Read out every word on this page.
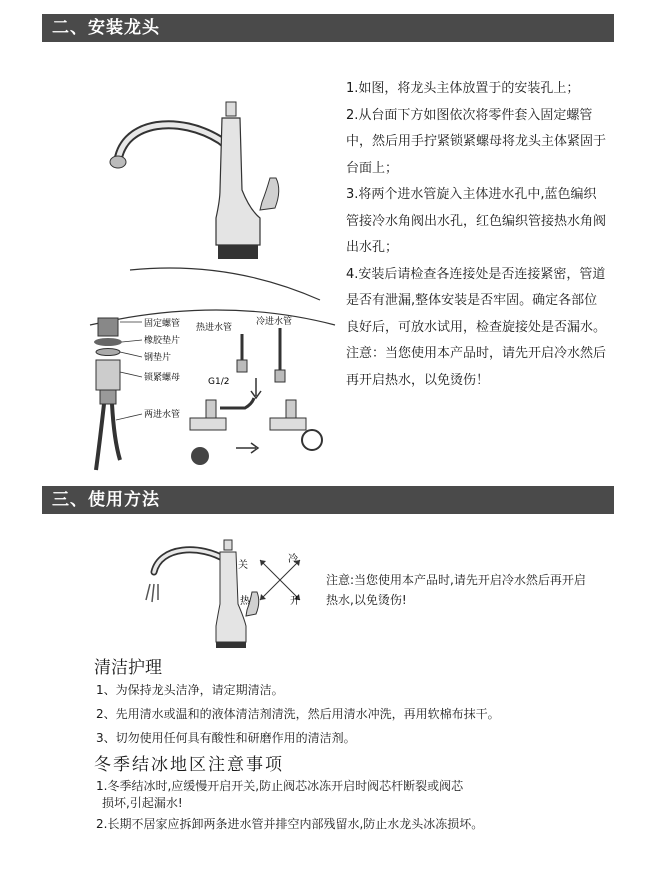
二、安装龙头
固定螺管
橡胶垫片
钢垫片
锁紧螺母
两进水管
热进水管
冷进水管
G1/2
1.如图，将龙头主体放置于的安装孔上；
2.从台面下方如图依次将零件套入固定螺管中，然后用手拧紧锁紧螺母将龙头主体紧固于台面上；
3.将两个进水管旋入主体进水孔中,蓝色编织管接冷水角阀出水孔，红色编织管接热水角阀出水孔；
4.安装后请检查各连接处是否连接紧密，管道是否有泄漏,整体安装是否牢固。确定各部位良好后，可放水试用，检查旋接处是否漏水。
注意：当您使用本产品时，请先开启冷水然后再开启热水，以免烫伤！
三、使用方法
关
冷
热	开
注意:当您使用本产品时,请先开启冷水然后再开启热水,以免烫伤!
清洁护理
1、为保持龙头洁净，请定期清洁。
2、先用清水或温和的液体清洁剂清洗，然后用清水冲洗，再用软棉布抹干。
3、切勿使用任何具有酸性和研磨作用的清洁剂。
冬季结冰地区注意事项
1.冬季结冰时,应缓慢开启开关,防止阀芯冰冻开启时阀芯杆断裂或阀芯
损坏,引起漏水!
2.长期不居家应拆卸两条进水管并排空内部残留水,防止水龙头冰冻损坏。
